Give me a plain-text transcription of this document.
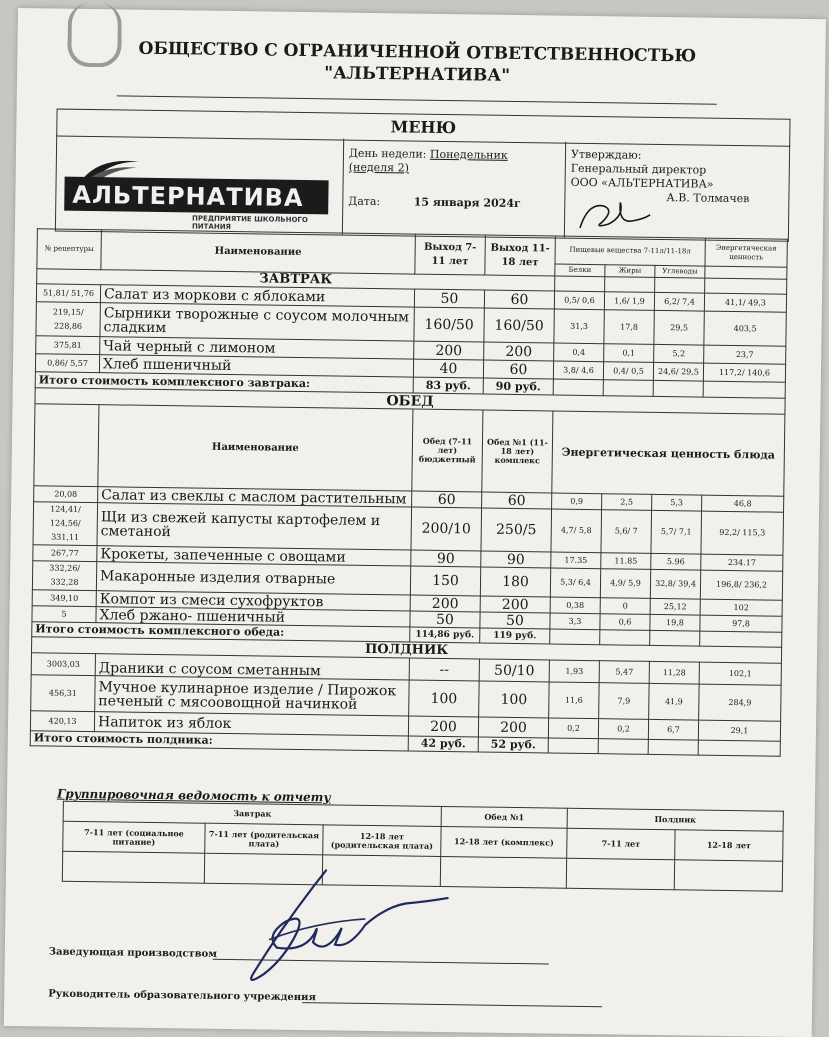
ОБЩЕСТВО С ОГРАНИЧЕННОЙ ОТВЕТСТВЕННОСТЬЮ
"АЛЬТЕРНАТИВА"
МЕНЮ
АЛЬТЕРНАТИВА
ПРЕДПРИЯТИЕ ШКОЛЬНОГО ПИТАНИЯ
День недели: Понедельник
(неделя 2)
Дата:	15 января 2024г
Утверждаю:
Генеральный директор
ООО «АЛЬТЕРНАТИВА»
А.В. Толмачев
№ рецептуры	Наименование	Выход 7-11 лет	Выход 11-18 лет	Пищевые вещества 7-11л/11-18л			Энергетическая ценность
				Белки	Жиры	Углеводы	
ЗАВТРАК							
51,81/ 51,76	Салат из моркови с яблоками	50	60	0,5/ 0,6	1,6/ 1,9	6,2/ 7,4	41,1/ 49,3
219,15/ 228,86	Сырники творожные с соусом молочным сладким	160/50	160/50	31,3	17,8	29,5	403,5
375,81	Чай черный с лимоном	200	200	0,4	0,1	5,2	23,7
0,86/ 5,57	Хлеб пшеничный	40	60	3,8/ 4,6	0,4/ 0,5	24,6/ 29,5	117,2/ 140,6
Итого стоимость комплексного завтрака:		83 руб.	90 руб.				
ОБЕД							
	Наименование	Обед (7-11 лет) бюджетный	Обед №1 (11-18 лет) комплекс	Энергетическая ценность блюда			
20,08	Салат из свеклы с маслом растительным	60	60	0,9	2,5	5,3	46,8
124,41/ 124,56/ 331,11	Щи из свежей капусты картофелем и сметаной	200/10	250/5	4,7/ 5,8	5,6/ 7	5,7/ 7,1	92,2/ 115,3
267,77	Крокеты, запеченные с овощами	90	90	17.35	11.85	5.96	234.17
332,26/ 332,28	Макаронные изделия отварные	150	180	5,3/ 6,4	4,9/ 5,9	32,8/ 39,4	196,8/ 236,2
349,10	Компот из смеси сухофруктов	200	200	0,38	0	25,12	102
5	Хлеб ржано- пшеничный	50	50	3,3	0,6	19,8	97,8
Итого стоимость комплексного обеда:		114,86 руб.	119 руб.				
ПОЛДНИК							
3003,03	Драники с соусом сметанным	--	50/10	1,93	5,47	11,28	102,1
456,31	Мучное кулинарное изделие / Пирожок печеный с мясоовощной начинкой	100	100	11,6	7,9	41,9	284,9
420,13	Напиток из яблок	200	200	0,2	0,2	6,7	29,1
Итого стоимость полдника:		42 руб.	52 руб.				
Группировочная ведомость к отчету
Завтрак			Обед №1	Полдник	
7-11 лет (социальное питание)	7-11 лет (родительская плата)	12-18 лет (родительская плата)	12-18 лет (комплекс)	7-11 лет	12-18 лет

Заведующая производством
Руководитель образовательного учреждения
